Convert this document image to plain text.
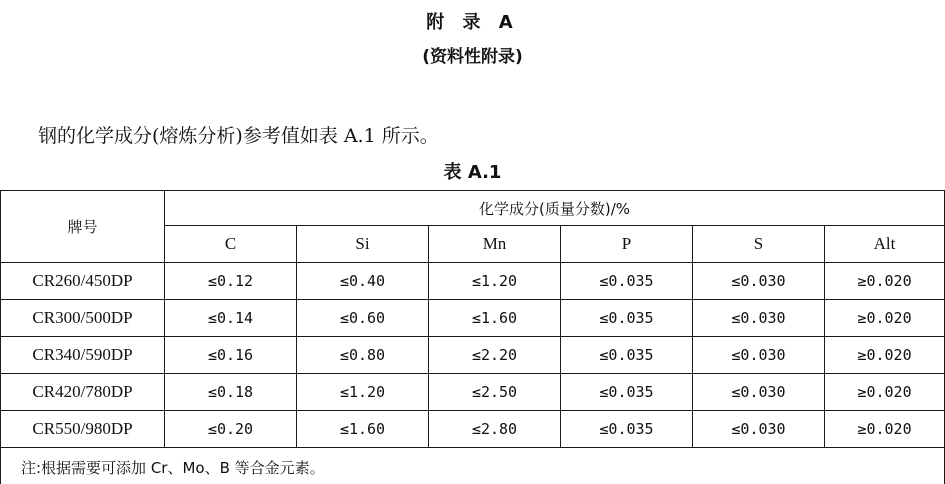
附 录 A
(资料性附录)
钢的化学成分(熔炼分析)参考值如表 A.1 所示。
表 A.1
牌号	化学成分(质量分数)/%					
	C	Si	Mn	P	S	Alt
CR260/450DP	≤0.12	≤0.40	≤1.20	≤0.035	≤0.030	≥0.020
CR300/500DP	≤0.14	≤0.60	≤1.60	≤0.035	≤0.030	≥0.020
CR340/590DP	≤0.16	≤0.80	≤2.20	≤0.035	≤0.030	≥0.020
CR420/780DP	≤0.18	≤1.20	≤2.50	≤0.035	≤0.030	≥0.020
CR550/980DP	≤0.20	≤1.60	≤2.80	≤0.035	≤0.030	≥0.020
注:根据需要可添加 Cr、Mo、B 等合金元素。						
